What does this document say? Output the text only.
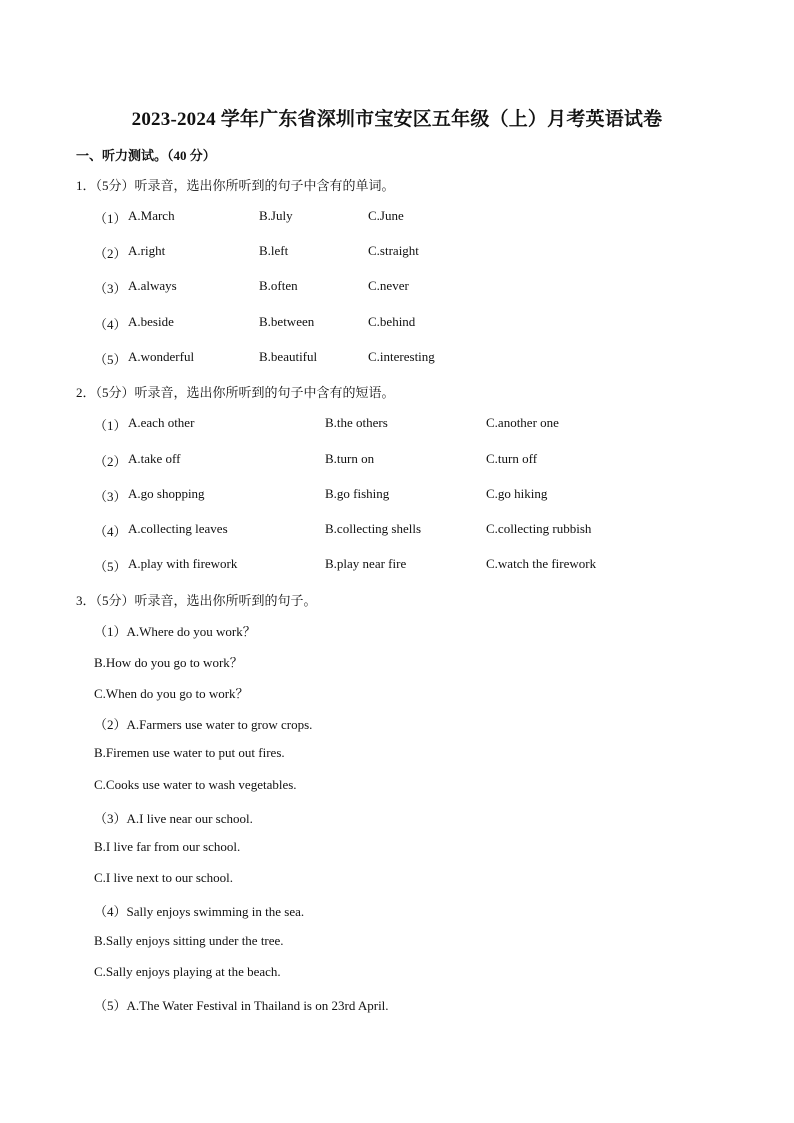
2023-2024 学年广东省深圳市宝安区五年级（上）月考英语试卷
一、听力测试。（40 分）
1．（5分）听录音，选出你所听到的句子中含有的单词。
（1） A.March	B.July	C.June
（2） A.right	B.left	C.straight
（3） A.always	B.often	C.never
（4） A.beside	B.between	C.behind
（5） A.wonderful	B.beautiful	C.interesting
2．（5分）听录音，选出你所听到的句子中含有的短语。
（1） A.each other	B.the others	C.another one
（2） A.take off	B.turn on	C.turn off
（3） A.go shopping	B.go fishing	C.go hiking
（4） A.collecting leaves	B.collecting shells	C.collecting rubbish
（5） A.play with firework	B.play near fire	C.watch the firework
3．（5分）听录音，选出你所听到的句子。
（1）A.Where do you work？
B.How do you go to work？
C.When do you go to work？
（2）A.Farmers use water to grow crops.
B.Firemen use water to put out fires.
C.Cooks use water to wash vegetables.
（3）A.I live near our school.
B.I live far from our school.
C.I live next to our school.
（4）Sally enjoys swimming in the sea.
B.Sally enjoys sitting under the tree.
C.Sally enjoys playing at the beach.
（5）A.The Water Festival in Thailand is on 23rd April.
